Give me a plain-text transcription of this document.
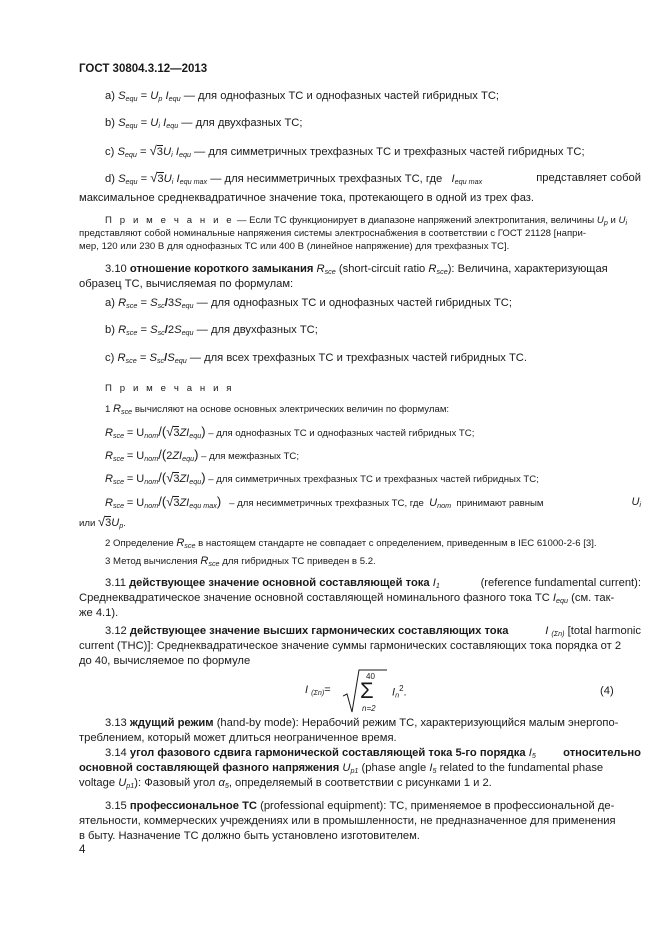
ГОСТ 30804.3.12—2013
a) $S_{equ} = U_p$ $I_{equ}$ — для однофазных ТС и однофазных частей гибридных ТС;
b) $S_{equ} = U_i$ $I_{equ}$ — для двухфазных ТС;
c) $S_{equ} = √3U_i$ $I_{equ}$ — для симметричных трехфазных ТС и трехфазных частей гибридных ТС;
d) $S_{equ} = √3U_i$ $I_{equ max}$ — для несимметричных трехфазных ТС, где $I_{equ max}$	представляет собой
максимальное среднеквадратичное значение тока, протекающего в одной из трех фаз.
П р и м е ч а н и е — Если ТС функционирует в диапазоне напряжений электропитания, величины $U_p$ и $U_i$
представляют собой номинальные напряжения системы электроснабжения в соответствии с ГОСТ 21128 [напри-
мер, 120 или 230 В для однофазных ТС или 400 В (линейное напряжение) для трехфазных ТС].
3.10 отношение короткого замыкания $R_{sce}$ (short-circuit ratio $R_{sce}$): Величина, характеризующая
образец ТС, вычисляемая по формулам:
a) $R_{sce} = S_{sc}/3S_{equ}$ — для однофазных ТС и однофазных частей гибридных ТС;
b) $R_{sce} = S_{sc}/2S_{equ}$ — для двухфазных ТС;
c) $R_{sce} = S_{sc}/S_{equ}$ — для всех трехфазных ТС и трехфазных частей гибридных ТС.
П р и м е ч а н и я
1 $R_{sce}$ вычисляют на основе основных электрических величин по формулам:
$R_{sce} = U_{nom}/(√3ZI_{equ})$ – для однофазных ТС и однофазных частей гибридных ТС;
$R_{sce} = U_{nom}/(2ZI_{equ})$ – для межфазных ТС;
$R_{sce} = U_{nom}/(√3ZI_{equ})$ – для симметричных трехфазных ТС и трехфазных частей гибридных ТС;
$R_{sce} = U_{nom}/(√3ZI_{equ max})$ – для несимметричных трехфазных ТС, где $U_{nom}$ принимают равным	$U_i$
или $√3U_p$.
2 Определение $R_{sce}$ в настоящем стандарте не совпадает с определением, приведенным в IEC 61000-2-6 [3].
3 Метод вычисления $R_{sce}$ для гибридных ТС приведен в 5.2.
3.11 действующее значение основной составляющей тока $I_1$	(reference fundamental current):
Среднеквадратическое значение основной составляющей номинального фазного тока ТС $I_{equ}$ (см. так-
же 4.1).
3.12 действующее значение высших гармонических составляющих тока	I $_{(\Sigma n)}$ [total harmonic
current (THC)]: Среднеквадратическое значение суммы гармонических составляющих тока порядка от 2
до 40, вычисляемое по формуле
I $_{(\Sigma n)}$=
40
Σ
n=2
$I_n^2$.	(4)
3.13 ждущий режим (hand-by mode): Нерабочий режим ТС, характеризующийся малым энергопо-
треблением, который может длиться неограниченное время.
3.14 угол фазового сдвига гармонической составляющей тока 5-го порядка $I_5$ относительно
основной составляющей фазного напряжения $U_{p1}$ (phase angle $I_5$ related to the fundamental phase
voltage $U_{p1}$): Фазовый угол $\alpha_5$, определяемый в соответствии с рисунками 1 и 2.
3.15 профессиональное ТС (professional equipment): ТС, применяемое в профессиональной де-
ятельности, коммерческих учреждениях или в промышленности, не предназначенное для применения
в быту. Назначение ТС должно быть установлено изготовителем.
4
